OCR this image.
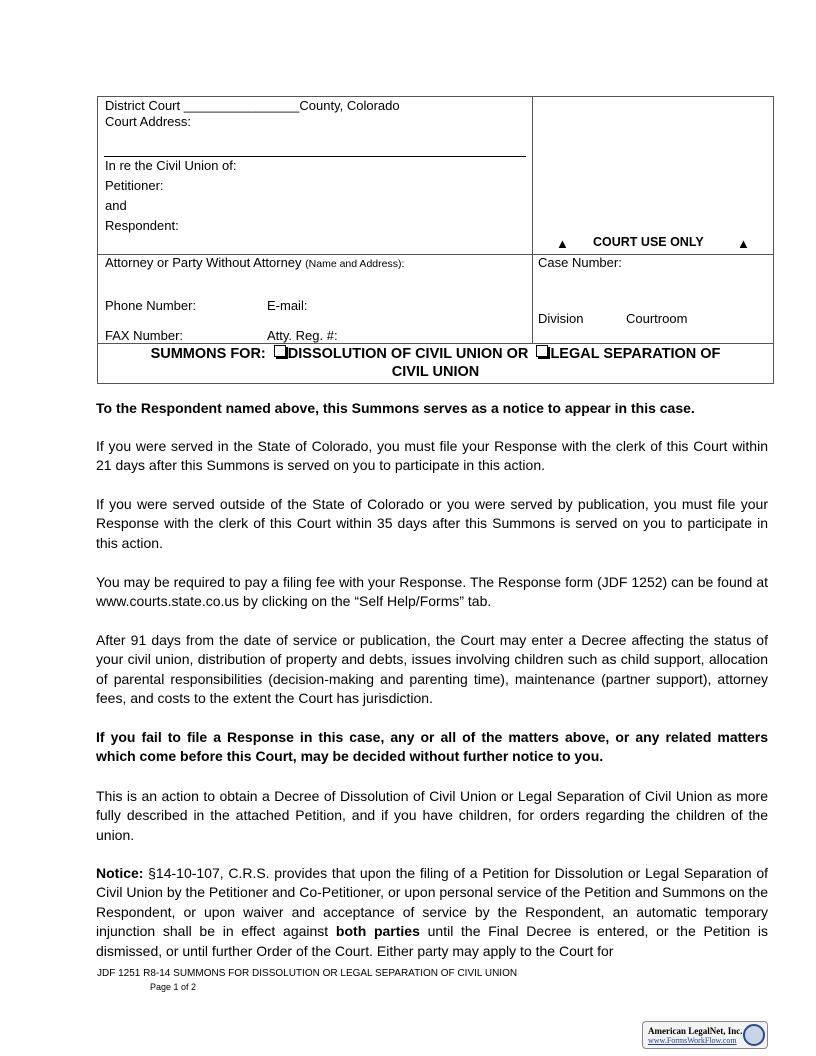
District Court ________________County, Colorado
Court Address:
In re the Civil Union of:
Petitioner:
and
Respondent:
▲ COURT USE ONLY	▲
Attorney or Party Without Attorney (Name and Address):
Phone Number:	E-mail:
FAX Number:	Atty. Reg. #:
Case Number:
Division	Courtroom
SUMMONS FOR: DISSOLUTION OF CIVIL UNION OR LEGAL SEPARATION OF
CIVIL UNION
To the Respondent named above, this Summons serves as a notice to appear in this case.
If you were served in the State of Colorado, you must file your Response with the clerk of this Court within 21 days after this Summons is served on you to participate in this action.
If you were served outside of the State of Colorado or you were served by publication, you must file your Response with the clerk of this Court within 35 days after this Summons is served on you to participate in this action.
You may be required to pay a filing fee with your Response. The Response form (JDF 1252) can be found at www.courts.state.co.us by clicking on the “Self Help/Forms” tab.
After 91 days from the date of service or publication, the Court may enter a Decree affecting the status of your civil union, distribution of property and debts, issues involving children such as child support, allocation of parental responsibilities (decision-making and parenting time), maintenance (partner support), attorney fees, and costs to the extent the Court has jurisdiction.
If you fail to file a Response in this case, any or all of the matters above, or any related matters which come before this Court, may be decided without further notice to you.
This is an action to obtain a Decree of Dissolution of Civil Union or Legal Separation of Civil Union as more fully described in the attached Petition, and if you have children, for orders regarding the children of the union.
Notice: §14-10-107, C.R.S. provides that upon the filing of a Petition for Dissolution or Legal Separation of Civil Union by the Petitioner and Co-Petitioner, or upon personal service of the Petition and Summons on the Respondent, or upon waiver and acceptance of service by the Respondent, an automatic temporary injunction shall be in effect against both parties until the Final Decree is entered, or the Petition is dismissed, or until further Order of the Court. Either party may apply to the Court for
JDF 1251 R8-14 SUMMONS FOR DISSOLUTION OR LEGAL SEPARATION OF CIVIL UNION
Page 1 of 2
American LegalNet, Inc.
www.FormsWorkFlow.com
